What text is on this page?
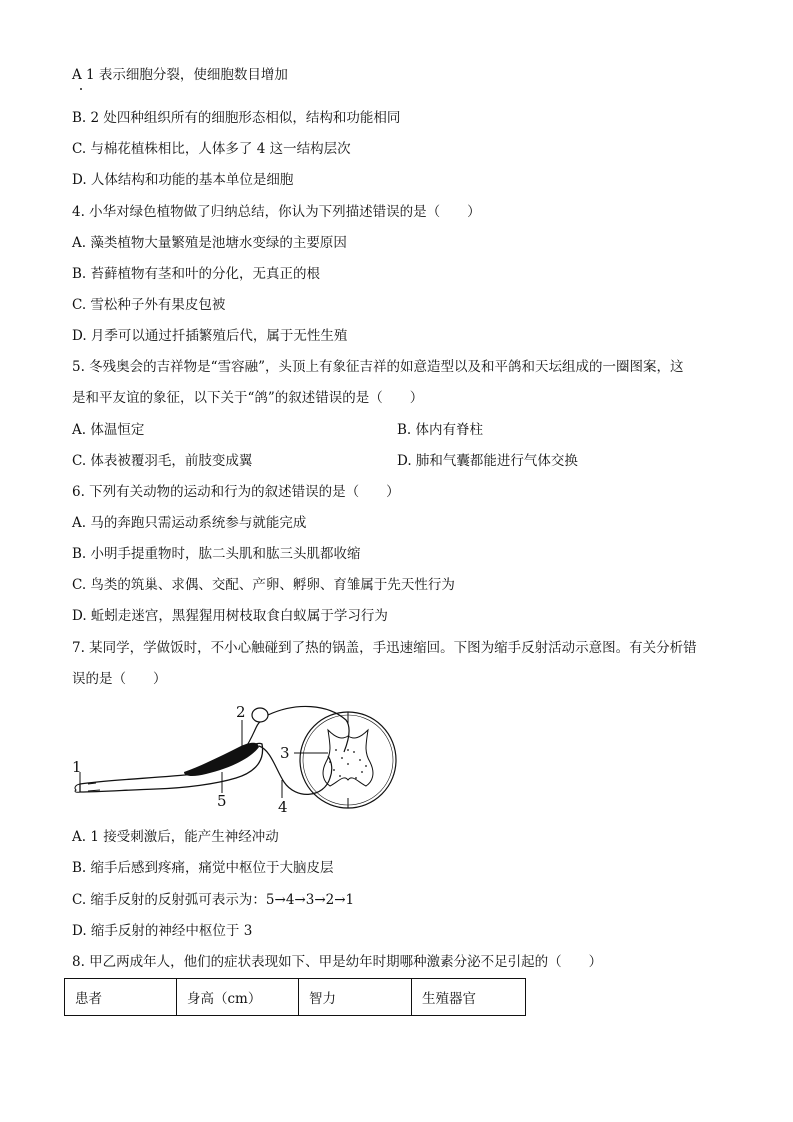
A 1 表示细胞分裂，使细胞数目增加
B. 2 处四种组织所有的细胞形态相似，结构和功能相同
C. 与棉花植株相比，人体多了 4 这一结构层次
D. 人体结构和功能的基本单位是细胞
4. 小华对绿色植物做了归纳总结，你认为下列描述错误的是（　　）
A. 藻类植物大量繁殖是池塘水变绿的主要原因
B. 苔藓植物有茎和叶的分化，无真正的根
C. 雪松种子外有果皮包被
D. 月季可以通过扦插繁殖后代，属于无性生殖
5. 冬残奥会的吉祥物是“雪容融”，头顶上有象征吉祥的如意造型以及和平鸽和天坛组成的一圈图案，这
是和平友谊的象征，以下关于“鸽”的叙述错误的是（　　）
A. 体温恒定	B. 体内有脊柱
C. 体表被覆羽毛，前肢变成翼	D. 肺和气囊都能进行气体交换
6. 下列有关动物的运动和行为的叙述错误的是（　　）
A. 马的奔跑只需运动系统参与就能完成
B. 小明手提重物时，肱二头肌和肱三头肌都收缩
C. 鸟类的筑巢、求偶、交配、产卵、孵卵、育雏属于先天性行为
D. 蚯蚓走迷宫，黑猩猩用树枝取食白蚁属于学习行为
7. 某同学，学做饭时，不小心触碰到了热的锅盖，手迅速缩回。下图为缩手反射活动示意图。有关分析错
误的是（　　）
1
2
3
4
5
A. 1 接受刺激后，能产生神经冲动
B. 缩手后感到疼痛，痛觉中枢位于大脑皮层
C. 缩手反射的反射弧可表示为：5→4→3→2→1
D. 缩手反射的神经中枢位于 3
8. 甲乙两成年人，他们的症状表现如下、甲是幼年时期哪种激素分泌不足引起的（　　）
患者	身高（cm）	智力	生殖器官
